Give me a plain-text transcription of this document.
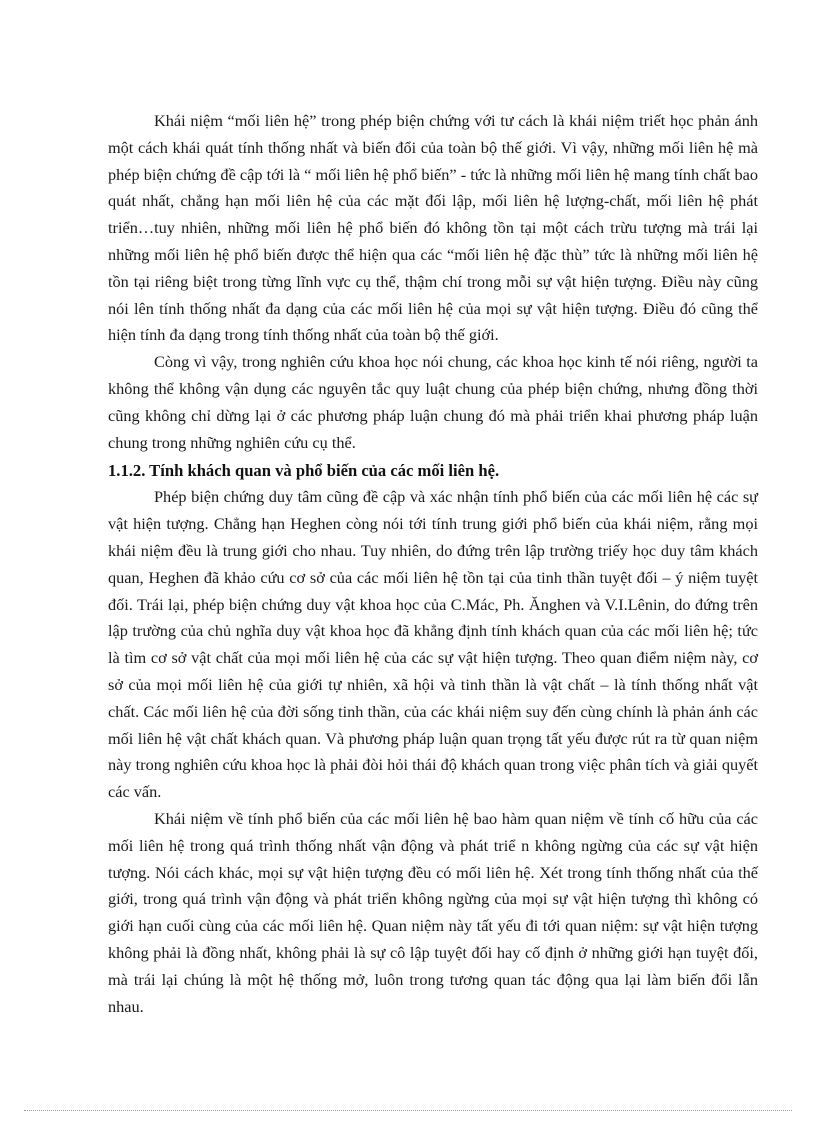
Khái niệm “mối liên hệ” trong phép biện chứng với tư cách là khái niệm triết học phản ánh một cách khái quát tính thống nhất và biến đổi của toàn bộ thế giới. Vì vậy, những mối liên hệ mà phép biện chứng đề cập tới là “ mối liên hệ phổ biến” - tức là những mối liên hệ mang tính chất bao quát nhất, chẳng hạn mối liên hệ của các mặt đối lập, mối liên hệ lượng-chất, mối liên hệ phát triển…tuy nhiên, những mối liên hệ phổ biến đó không tồn tại một cách trừu tượng mà trái lại những mối liên hệ phổ biến được thể hiện qua các “mối liên hệ đặc thù” tức là những mối liên hệ tồn tại riêng biệt trong từng lĩnh vực cụ thể, thậm chí trong mỗi sự vật hiện tượng. Điều này cũng nói lên tính thống nhất đa dạng của các mối liên hệ của mọi sự vật hiện tượng. Điều đó cũng thể hiện tính đa dạng trong tính thống nhất của toàn bộ thế giới.

Còng vì vậy, trong nghiên cứu khoa học nói chung, các khoa học kinh tế nói riêng, người ta không thể không vận dụng các nguyên tắc quy luật chung của phép biện chứng, nhưng đồng thời cũng không chỉ dừng lại ở các phương pháp luận chung đó mà phải triển khai phương pháp luận chung trong những nghiên cứu cụ thể.

1.1.2. Tính khách quan và phổ biến của các mối liên hệ.

Phép biện chứng duy tâm cũng đề cập và xác nhận tính phổ biến của các mối liên hệ các sự vật hiện tượng. Chẳng hạn Heghen còng nói tới tính trung giới phổ biến của khái niệm, rằng mọi khái niệm đều là trung giới cho nhau. Tuy nhiên, do đứng trên lập trường triếy học duy tâm khách quan, Heghen đã khảo cứu cơ sở của các mối liên hệ tồn tại của tinh thần tuyệt đối – ý niệm tuyệt đối. Trái lại, phép biện chứng duy vật khoa học của C.Mác, Ph. Ănghen và V.I.Lênin, do đứng trên lập trường của chủ nghĩa duy vật khoa học đã khẳng định tính khách quan của các mối liên hệ; tức là tìm cơ sở vật chất của mọi mối liên hệ của các sự vật hiện tượng. Theo quan điểm niệm này, cơ sở của mọi mối liên hệ của giới tự nhiên, xã hội và tinh thần là vật chất – là tính thống nhất vật chất. Các mối liên hệ của đời sống tinh thần, của các khái niệm suy đến cùng chính là phản ánh các mối liên hệ vật chất khách quan. Và phương pháp luận quan trọng tất yếu được rút ra từ quan niệm này trong nghiên cứu khoa học là phải đòi hỏi thái độ khách quan trong việc phân tích và giải quyết các vấn.

Khái niệm về tính phổ biến của các mối liên hệ bao hàm quan niệm về tính cố hữu của các mối liên hệ trong quá trình thống nhất vận động và phát triể n không ngừng của các sự vật hiện tượng. Nói cách khác, mọi sự vật hiện tượng đều có mối liên hệ. Xét trong tính thống nhất của thế giới, trong quá trình vận động và phát triển không ngừng của mọi sự vật hiện tượng thì không có giới hạn cuối cùng của các mối liên hệ. Quan niệm này tất yếu đi tới quan niệm: sự vật hiện tượng không phải là đồng nhất, không phải là sự cô lập tuyệt đối hay cố định ở những giới hạn tuyệt đối, mà trái lại chúng là một hệ thống mở, luôn trong tương quan tác động qua lại làm biến đổi lẫn nhau.
